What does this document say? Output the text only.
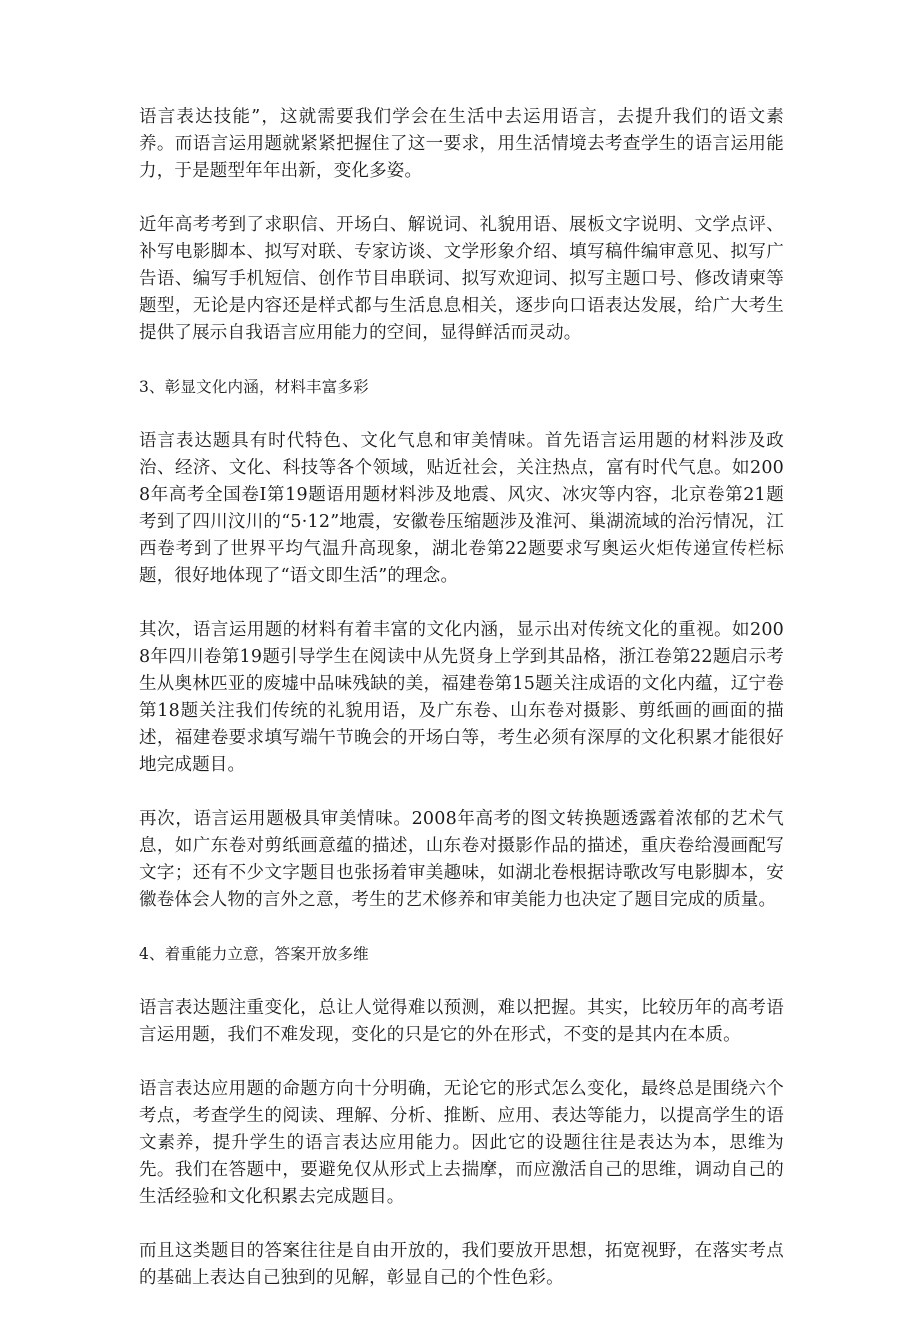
语言表达技能”，这就需要我们学会在生活中去运用语言，去提升我们的语文素养。而语言运用题就紧紧把握住了这一要求，用生活情境去考查学生的语言运用能力，于是题型年年出新，变化多姿。

近年高考考到了求职信、开场白、解说词、礼貌用语、展板文字说明、文学点评、补写电影脚本、拟写对联、专家访谈、文学形象介绍、填写稿件编审意见、拟写广告语、编写手机短信、创作节目串联词、拟写欢迎词、拟写主题口号、修改请柬等题型，无论是内容还是样式都与生活息息相关，逐步向口语表达发展，给广大考生提供了展示自我语言应用能力的空间，显得鲜活而灵动。

3、彰显文化内涵，材料丰富多彩

语言表达题具有时代特色、文化气息和审美情味。首先语言运用题的材料涉及政治、经济、文化、科技等各个领域，贴近社会，关注热点，富有时代气息。如2008年高考全国卷Ⅰ第19题语用题材料涉及地震、风灾、冰灾等内容，北京卷第21题考到了四川汶川的“5·12”地震，安徽卷压缩题涉及淮河、巢湖流域的治污情况，江西卷考到了世界平均气温升高现象，湖北卷第22题要求写奥运火炬传递宣传栏标题，很好地体现了“语文即生活”的理念。

其次，语言运用题的材料有着丰富的文化内涵，显示出对传统文化的重视。如2008年四川卷第19题引导学生在阅读中从先贤身上学到其品格，浙江卷第22题启示考生从奥林匹亚的废墟中品味残缺的美，福建卷第15题关注成语的文化内蕴，辽宁卷第18题关注我们传统的礼貌用语，及广东卷、山东卷对摄影、剪纸画的画面的描述，福建卷要求填写端午节晚会的开场白等，考生必须有深厚的文化积累才能很好地完成题目。

再次，语言运用题极具审美情味。2008年高考的图文转换题透露着浓郁的艺术气息，如广东卷对剪纸画意蕴的描述，山东卷对摄影作品的描述，重庆卷给漫画配写文字；还有不少文字题目也张扬着审美趣味，如湖北卷根据诗歌改写电影脚本，安徽卷体会人物的言外之意，考生的艺术修养和审美能力也决定了题目完成的质量。

4、着重能力立意，答案开放多维

语言表达题注重变化，总让人觉得难以预测，难以把握。其实，比较历年的高考语言运用题，我们不难发现，变化的只是它的外在形式，不变的是其内在本质。

语言表达应用题的命题方向十分明确，无论它的形式怎么变化，最终总是围绕六个考点，考查学生的阅读、理解、分析、推断、应用、表达等能力，以提高学生的语文素养，提升学生的语言表达应用能力。因此它的设题往往是表达为本，思维为先。我们在答题中，要避免仅从形式上去揣摩，而应激活自己的思维，调动自己的生活经验和文化积累去完成题目。

而且这类题目的答案往往是自由开放的，我们要放开思想，拓宽视野，在落实考点的基础上表达自己独到的见解，彰显自己的个性色彩。
